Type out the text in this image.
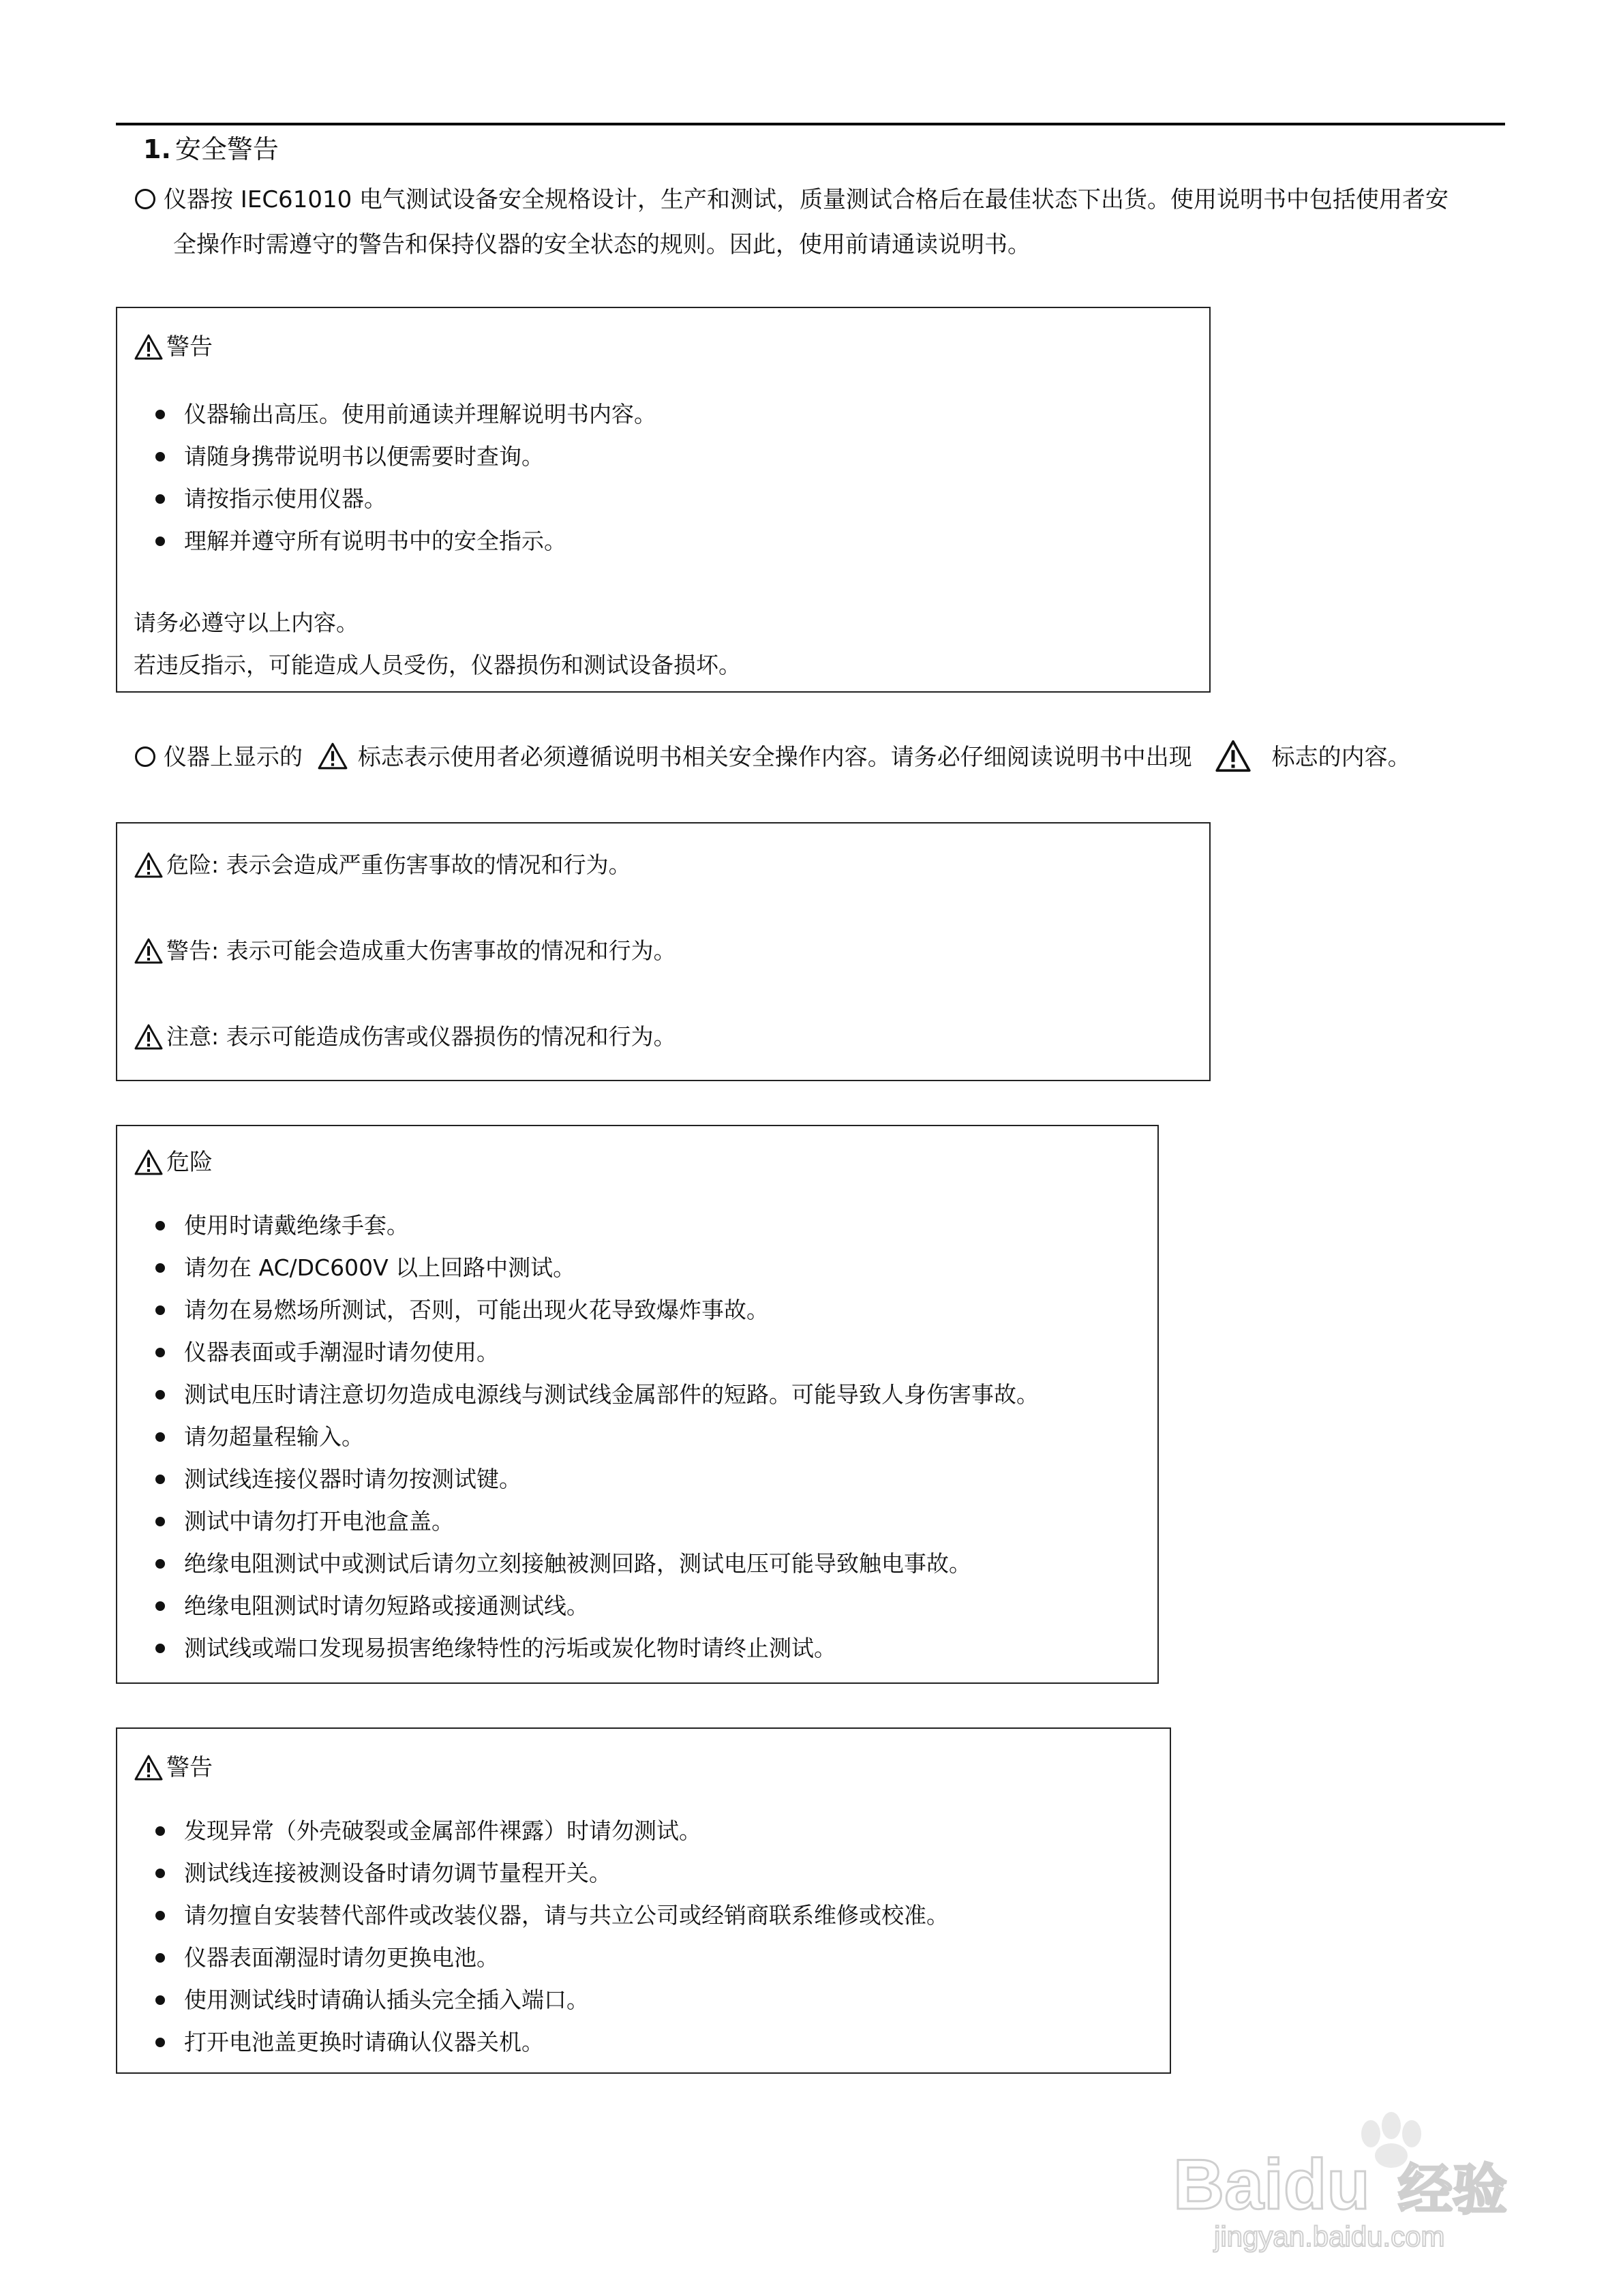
1. 安全警告
仪器按 IEC61010 电气测试设备安全规格设计，生产和测试，质量测试合格后在最佳状态下出货。使用说明书中包括使用者安
全操作时需遵守的警告和保持仪器的安全状态的规则。因此，使用前请通读说明书。
警告
仪器输出高压。使用前通读并理解说明书内容。
请随身携带说明书以便需要时查询。
请按指示使用仪器。
理解并遵守所有说明书中的安全指示。
请务必遵守以上内容。
若违反指示，可能造成人员受伤，仪器损伤和测试设备损坏。
仪器上显示的 标志表示使用者必须遵循说明书相关安全操作内容。请务必仔细阅读说明书中出现	标志的内容。
危险 : 表示会造成严重伤害事故的情况和行为。
警告 : 表示可能会造成重大伤害事故的情况和行为。
注意 : 表示可能造成伤害或仪器损伤的情况和行为。
危险
使用时请戴绝缘手套。
请勿在 AC/DC600V 以上回路中测试。
请勿在易燃场所测试，否则，可能出现火花导致爆炸事故。
仪器表面或手潮湿时请勿使用。
测试电压时请注意切勿造成电源线与测试线金属部件的短路。可能导致人身伤害事故。
请勿超量程输入。
测试线连接仪器时请勿按测试键。
测试中请勿打开电池盒盖。
绝缘电阻测试中或测试后请勿立刻接触被测回路，测试电压可能导致触电事故。
绝缘电阻测试时请勿短路或接通测试线。
测试线或端口发现易损害绝缘特性的污垢或炭化物时请终止测试。
警告
发现异常（外壳破裂或金属部件裸露）时请勿测试。
测试线连接被测设备时请勿调节量程开关。
请勿擅自安装替代部件或改装仪器，请与共立公司或经销商联系维修或校准。
仪器表面潮湿时请勿更换电池。
使用测试线时请确认插头完全插入端口。
打开电池盖更换时请确认仪器关机。
Baidu 经验
jingyan.baidu.com
